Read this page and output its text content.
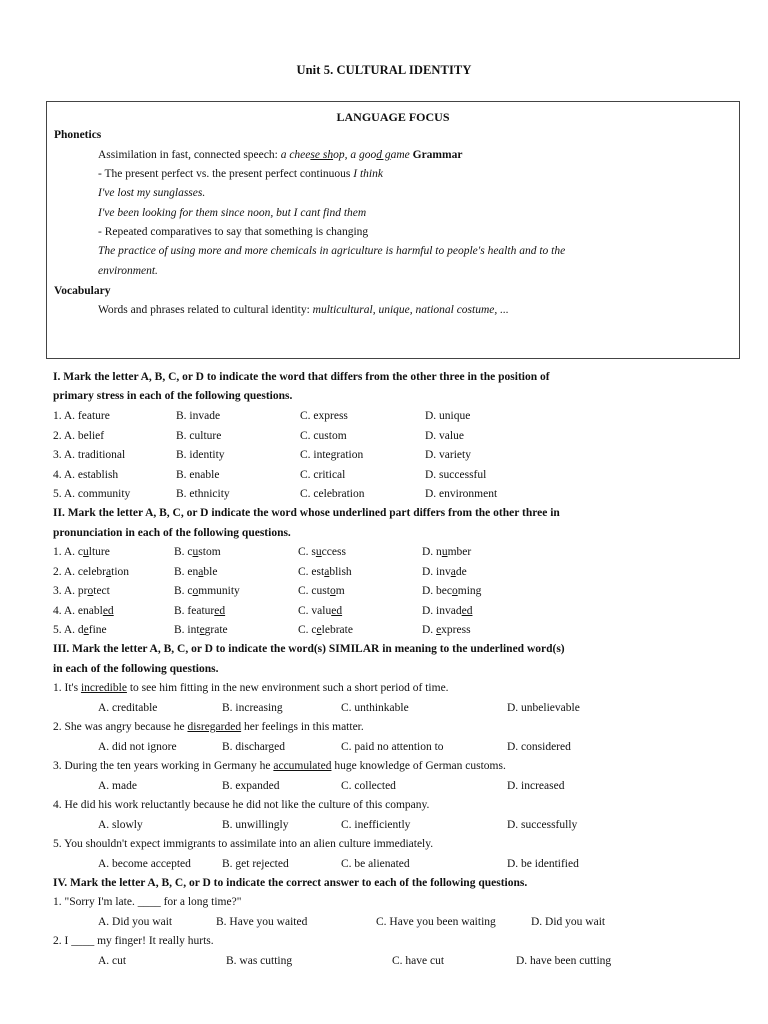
Unit 5. CULTURAL IDENTITY
LANGUAGE FOCUS
Phonetics
Assimilation in fast, connected speech: a cheese shop, a good game Grammar
- The present perfect vs. the present perfect continuous I think
I've lost my sunglasses.
I've been looking for them since noon, but I cant find them
- Repeated comparatives to say that something is changing
The practice of using more and more chemicals in agriculture is harmful to people's health and to the
environment.
Vocabulary
Words and phrases related to cultural identity: multicultural, unique, national costume, ...
I. Mark the letter A, B, C, or D to indicate the word that differs from the other three in the position of
primary stress in each of the following questions.
1. A. feature	B. invade	C. express	D. unique
2. A. belief	B. culture	C. custom	D. value
3. A. traditional	B. identity	C. integration	D. variety
4. A. establish	B. enable	C. critical	D. successful
5. A. community	B. ethnicity	C. celebration	D. environment
II. Mark the letter A, B, C, or D indicate the word whose underlined part differs from the other three in
pronunciation in each of the following questions.
1. A. culture	B. custom	C. success	D. number
2. A. celebration	B. enable	C. establish	D. invade
3. A. protect	B. community	C. custom	D. becoming
4. A. enabled	B. featured	C. valued	D. invaded
5. A. define	B. integrate	C. celebrate	D. express
III. Mark the letter A, B, C, or D to indicate the word(s) SIMILAR in meaning to the underlined word(s)
in each of the following questions.
1. It's incredible to see him fitting in the new environment such a short period of time.
A. creditable	B. increasing	C. unthinkable	D. unbelievable
2. She was angry because he disregarded her feelings in this matter.
A. did not ignore	B. discharged	C. paid no attention to	D. considered
3. During the ten years working in Germany he accumulated huge knowledge of German customs.
A. made	B. expanded	C. collected	D. increased
4. He did his work reluctantly because he did not like the culture of this company.
A. slowly	B. unwillingly	C. inefficiently	D. successfully
5. You shouldn't expect immigrants to assimilate into an alien culture immediately.
A. become accepted	B. get rejected	C. be alienated	D. be identified
IV. Mark the letter A, B, C, or D to indicate the correct answer to each of the following questions.
1. "Sorry I'm late. ____ for a long time?"
A. Did you wait	B. Have you waited	C. Have you been waiting	D. Did you wait
2. I ____ my finger! It really hurts.
A. cut	B. was cutting	C. have cut	D. have been cutting
